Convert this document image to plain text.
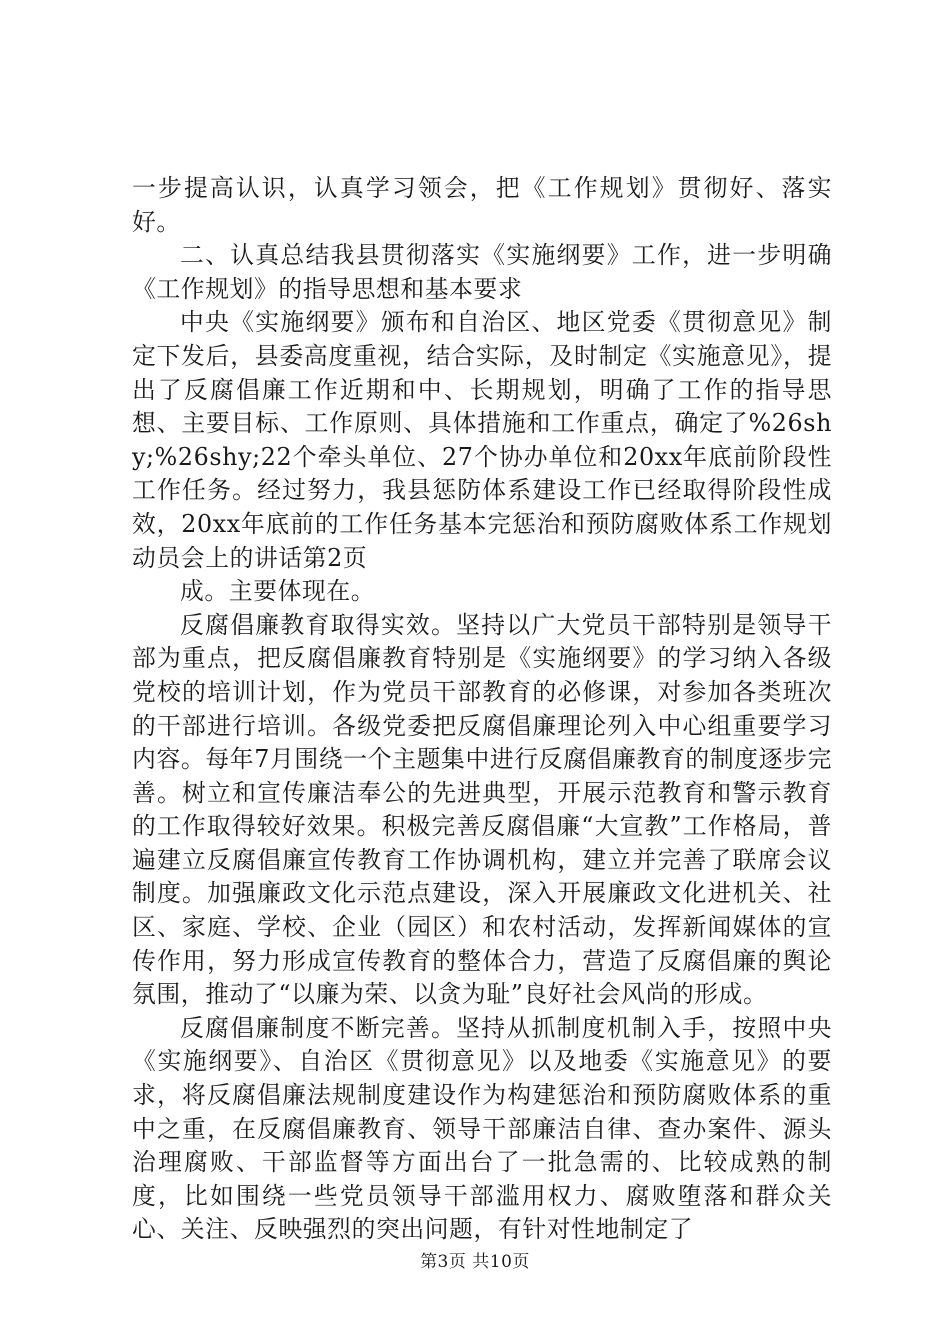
一步提高认识，认真学习领会，把《工作规划》贯彻好、落实好。

二、认真总结我县贯彻落实《实施纲要》工作，进一步明确《工作规划》的指导思想和基本要求

中央《实施纲要》颁布和自治区、地区党委《贯彻意见》制定下发后，县委高度重视，结合实际，及时制定《实施意见》，提出了反腐倡廉工作近期和中、长期规划，明确了工作的指导思想、主要目标、工作原则、具体措施和工作重点，确定了%26shy;%26shy;22个牵头单位、27个协办单位和20xx年底前阶段性工作任务。经过努力，我县惩防体系建设工作已经取得阶段性成效，20xx年底前的工作任务基本完惩治和预防腐败体系工作规划动员会上的讲话第2页

成。主要体现在。

反腐倡廉教育取得实效。坚持以广大党员干部特别是领导干部为重点，把反腐倡廉教育特别是《实施纲要》的学习纳入各级党校的培训计划，作为党员干部教育的必修课，对参加各类班次的干部进行培训。各级党委把反腐倡廉理论列入中心组重要学习内容。每年7月围绕一个主题集中进行反腐倡廉教育的制度逐步完善。树立和宣传廉洁奉公的先进典型，开展示范教育和警示教育的工作取得较好效果。积极完善反腐倡廉“大宣教”工作格局，普遍建立反腐倡廉宣传教育工作协调机构，建立并完善了联席会议制度。加强廉政文化示范点建设，深入开展廉政文化进机关、社区、家庭、学校、企业（园区）和农村活动，发挥新闻媒体的宣传作用，努力形成宣传教育的整体合力，营造了反腐倡廉的舆论氛围，推动了“以廉为荣、以贪为耻”良好社会风尚的形成。

反腐倡廉制度不断完善。坚持从抓制度机制入手，按照中央《实施纲要》、自治区《贯彻意见》以及地委《实施意见》的要求，将反腐倡廉法规制度建设作为构建惩治和预防腐败体系的重中之重，在反腐倡廉教育、领导干部廉洁自律、查办案件、源头治理腐败、干部监督等方面出台了一批急需的、比较成熟的制度，比如围绕一些党员领导干部滥用权力、腐败堕落和群众关心、关注、反映强烈的突出问题，有针对性地制定了

第3页 共10页
